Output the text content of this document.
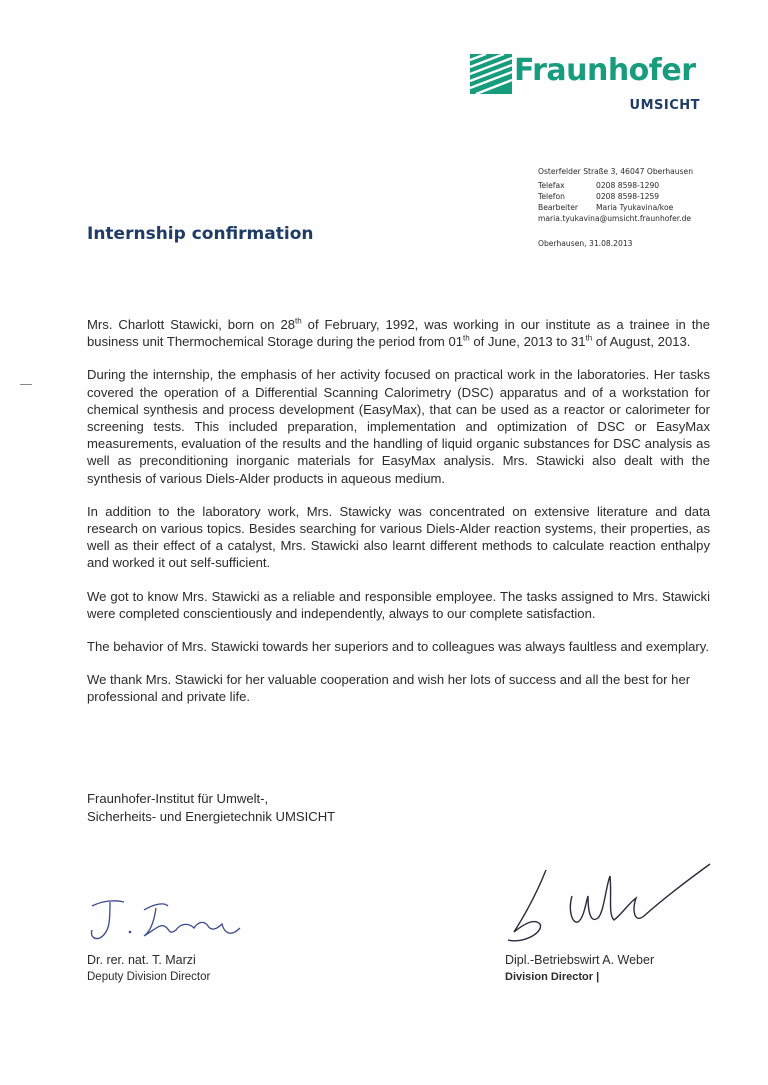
Fraunhofer
UMSICHT
Osterfelder Straße 3, 46047 Oberhausen
Telefax	0208 8598-1290
Telefon	0208 8598-1259
Bearbeiter	Maria Tyukavina/koe
maria.tyukavina@umsicht.fraunhofer.de
Oberhausen, 31.08.2013
Internship confirmation

Mrs. Charlott Stawicki, born on 28th of February, 1992, was working in our institute as a trainee in the business unit Thermochemical Storage during the period from 01th of June, 2013 to 31th of August, 2013.

During the internship, the emphasis of her activity focused on practical work in the laboratories. Her tasks covered the operation of a Differential Scanning Calorimetry (DSC) apparatus and of a workstation for chemical synthesis and process development (EasyMax), that can be used as a reactor or calorimeter for screening tests. This included preparation, implementation and optimization of DSC or EasyMax measurements, evaluation of the results and the handling of liquid organic substances for DSC analysis as well as preconditioning inorganic materials for EasyMax analysis. Mrs. Stawicki also dealt with the synthesis of various Diels-Alder products in aqueous medium.

In addition to the laboratory work, Mrs. Stawicky was concentrated on extensive literature and data research on various topics. Besides searching for various Diels-Alder reaction systems, their properties, as well as their effect of a catalyst, Mrs. Stawicki also learnt different methods to calculate reaction enthalpy and worked it out self-sufficient.

We got to know Mrs. Stawicki as a reliable and responsible employee. The tasks assigned to Mrs. Stawicki were completed conscientiously and independently, always to our complete satisfaction.

The behavior of Mrs. Stawicki towards her superiors and to colleagues was always faultless and exemplary.

We thank Mrs. Stawicki for her valuable cooperation and wish her lots of success and all the best for her professional and private life.

Fraunhofer-Institut für Umwelt-,
Sicherheits- und Energietechnik UMSICHT
Dr. rer. nat. T. Marzi
Deputy Division Director
Dipl.-Betriebswirt A. Weber
Division Director |
